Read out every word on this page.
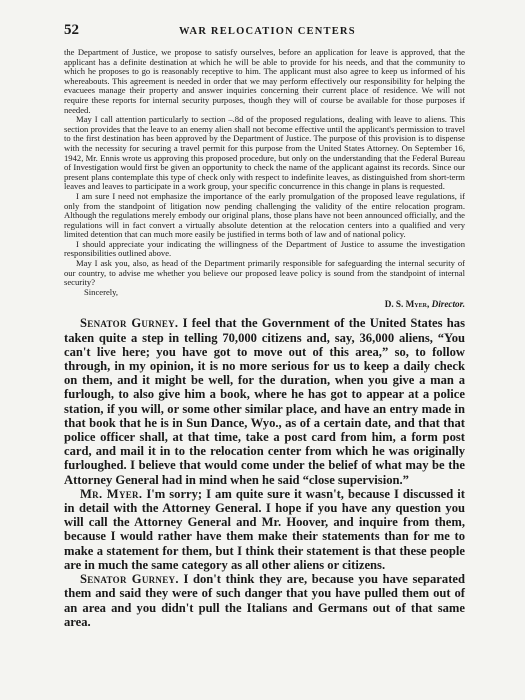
52	WAR RELOCATION CENTERS

the Department of Justice, we propose to satisfy ourselves, before an application for leave is approved, that the applicant has a definite destination at which he will be able to provide for his needs, and that the community to which he proposes to go is reasonably receptive to him. The applicant must also agree to keep us informed of his whereabouts. This agreement is needed in order that we may perform effectively our responsibility for helping the evacuees manage their property and answer inquiries concerning their current place of residence. We will not require these reports for internal security purposes, though they will of course be available for those purposes if needed.

May I call attention particularly to section –.8d of the proposed regulations, dealing with leave to aliens. This section provides that the leave to an enemy alien shall not become effective until the applicant's permission to travel to the first destination has been approved by the Department of Justice. The purpose of this provision is to dispense with the necessity for securing a travel permit for this purpose from the United States Attorney. On September 16, 1942, Mr. Ennis wrote us approving this proposed procedure, but only on the understanding that the Federal Bureau of Investigation would first be given an opportunity to check the name of the applicant against its records. Since our present plans contemplate this type of check only with respect to indefinite leaves, as distinguished from short-term leaves and leaves to participate in a work group, your specific concurrence in this change in plans is requested.

I am sure I need not emphasize the importance of the early promulgation of the proposed leave regulations, if only from the standpoint of litigation now pending challenging the validity of the entire relocation program. Although the regulations merely embody our original plans, those plans have not been announced officially, and the regulations will in fact convert a virtually absolute detention at the relocation centers into a qualified and very limited detention that can much more easily be justified in terms both of law and of national policy.

I should appreciate your indicating the willingness of the Department of Justice to assume the investigation responsibilities outlined above.

May I ask you, also, as head of the Department primarily responsible for safeguarding the internal security of our country, to advise me whether you believe our proposed leave policy is sound from the standpoint of internal security?

Sincerely,

D. S. Myer, Director.

Senator Gurney. I feel that the Government of the United States has taken quite a step in telling 70,000 citizens and, say, 36,000 aliens, “You can't live here; you have got to move out of this area,” so, to follow through, in my opinion, it is no more serious for us to keep a daily check on them, and it might be well, for the duration, when you give a man a furlough, to also give him a book, where he has got to appear at a police station, if you will, or some other similar place, and have an entry made in that book that he is in Sun Dance, Wyo., as of a certain date, and that that police officer shall, at that time, take a post card from him, a form post card, and mail it in to the relocation center from which he was originally furloughed. I believe that would come under the belief of what may be the Attorney General had in mind when he said “close supervision.”

Mr. Myer. I'm sorry; I am quite sure it wasn't, because I discussed it in detail with the Attorney General. I hope if you have any question you will call the Attorney General and Mr. Hoover, and inquire from them, because I would rather have them make their statements than for me to make a statement for them, but I think their statement is that these people are in much the same category as all other aliens or citizens.

Senator Gurney. I don't think they are, because you have separated them and said they were of such danger that you have pulled them out of an area and you didn't pull the Italians and Germans out of that same area.
